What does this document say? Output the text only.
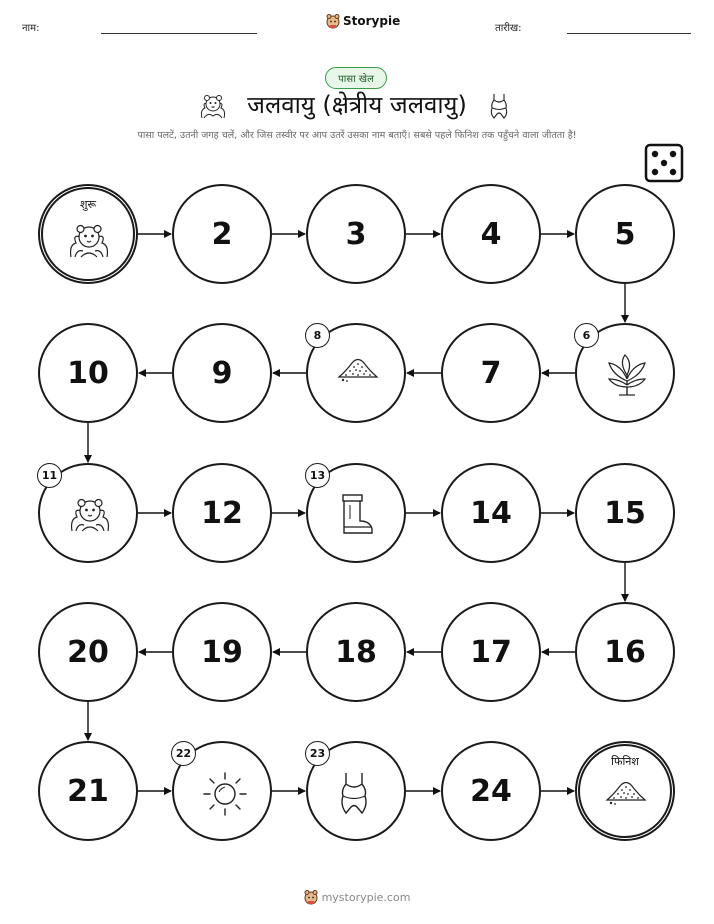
नाम:
Storypie
तारीख:
पासा खेल
जलवायु (क्षेत्रीय जलवायु)
पासा पलटें, उतनी जगह चलें, और जिस तस्वीर पर आप उतरें उसका नाम बताएँ। सबसे पहले फिनिश तक पहुँचने वाला जीतता है!
शुरू
2	3	4	5
6
7
8
9
10
11
12
13
14	15
16
17
18
19
20
21
22	23
24
फिनिश
mystorypie.com
